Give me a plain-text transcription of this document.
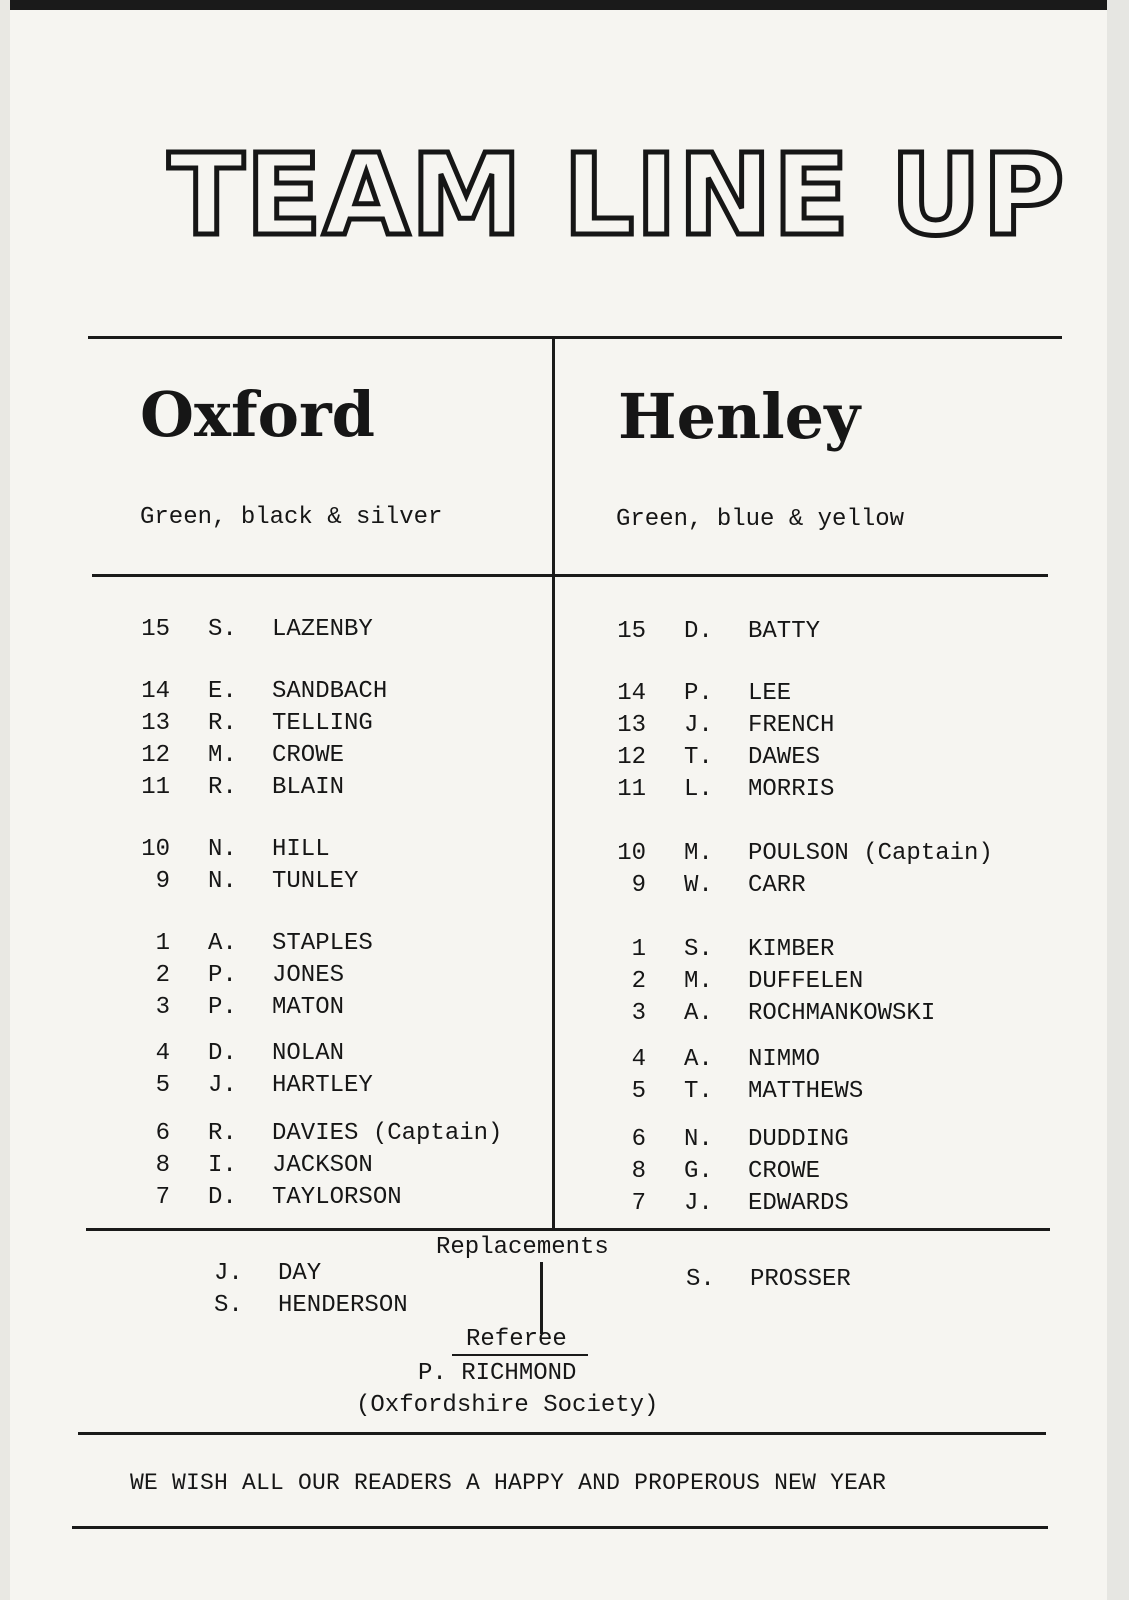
TEAM LINE UP
Oxford	Henley
Green, black & silver	Green, blue & yellow
15 S. LAZENBY
14 E. SANDBACH
13 R. TELLING
12 M. CROWE
11 R. BLAIN
10 N. HILL
9 N. TUNLEY
1 A. STAPLES
2 P. JONES
3 P. MATON
4 D. NOLAN
5 J. HARTLEY
6 R. DAVIES (Captain)
8 I. JACKSON
7 D. TAYLORSON
15 D. BATTY
14 P. LEE
13 J. FRENCH
12 T. DAWES
11 L. MORRIS
10 M. POULSON (Captain)
9 W. CARR
1 S. KIMBER
2 M. DUFFELEN
3 A. ROCHMANKOWSKI
4 A. NIMMO
5 T. MATTHEWS
6 N. DUDDING
8 G. CROWE
7 J. EDWARDS
Replacements
J. DAY
S. HENDERSON
S. PROSSER
Referee
P. RICHMOND
(Oxfordshire Society)
WE WISH ALL OUR READERS A HAPPY AND PROPEROUS NEW YEAR
